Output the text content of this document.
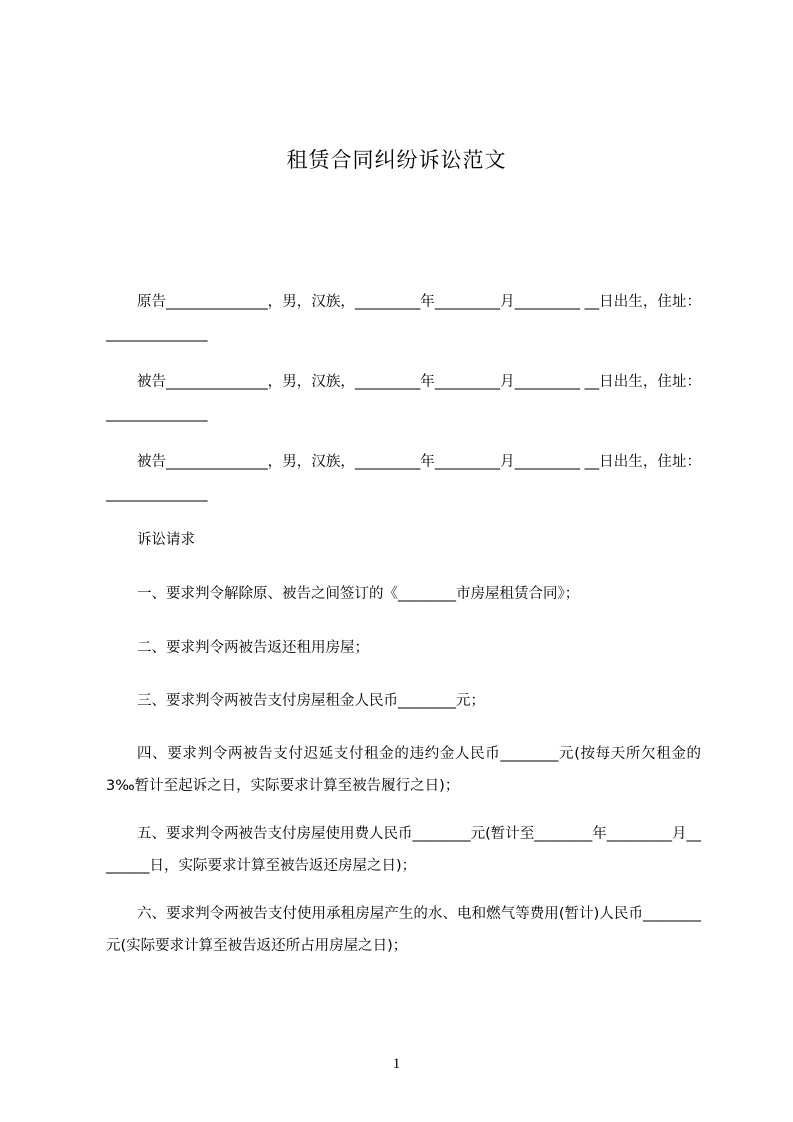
租赁合同纠纷诉讼范文
原告______________，男，汉族，_________年_________月_________ __日出生，住址：______________
被告______________，男，汉族，_________年_________月_________ __日出生，住址：______________
被告______________，男，汉族，_________年_________月_________ __日出生，住址：______________
诉讼请求
一、要求判令解除原、被告之间签订的《________市房屋租赁合同》；
二、要求判令两被告返还租用房屋；
三、要求判令两被告支付房屋租金人民币________元；
四、要求判令两被告支付迟延支付租金的违约金人民币________元(按每天所欠租金的 3‰暂计至起诉之日，实际要求计算至被告履行之日)；
五、要求判令两被告支付房屋使用费人民币________元(暂计至________年_________月________日，实际要求计算至被告返还房屋之日)；
六、要求判令两被告支付使用承租房屋产生的水、电和燃气等费用(暂计)人民币________元(实际要求计算至被告返还所占用房屋之日)；
1
